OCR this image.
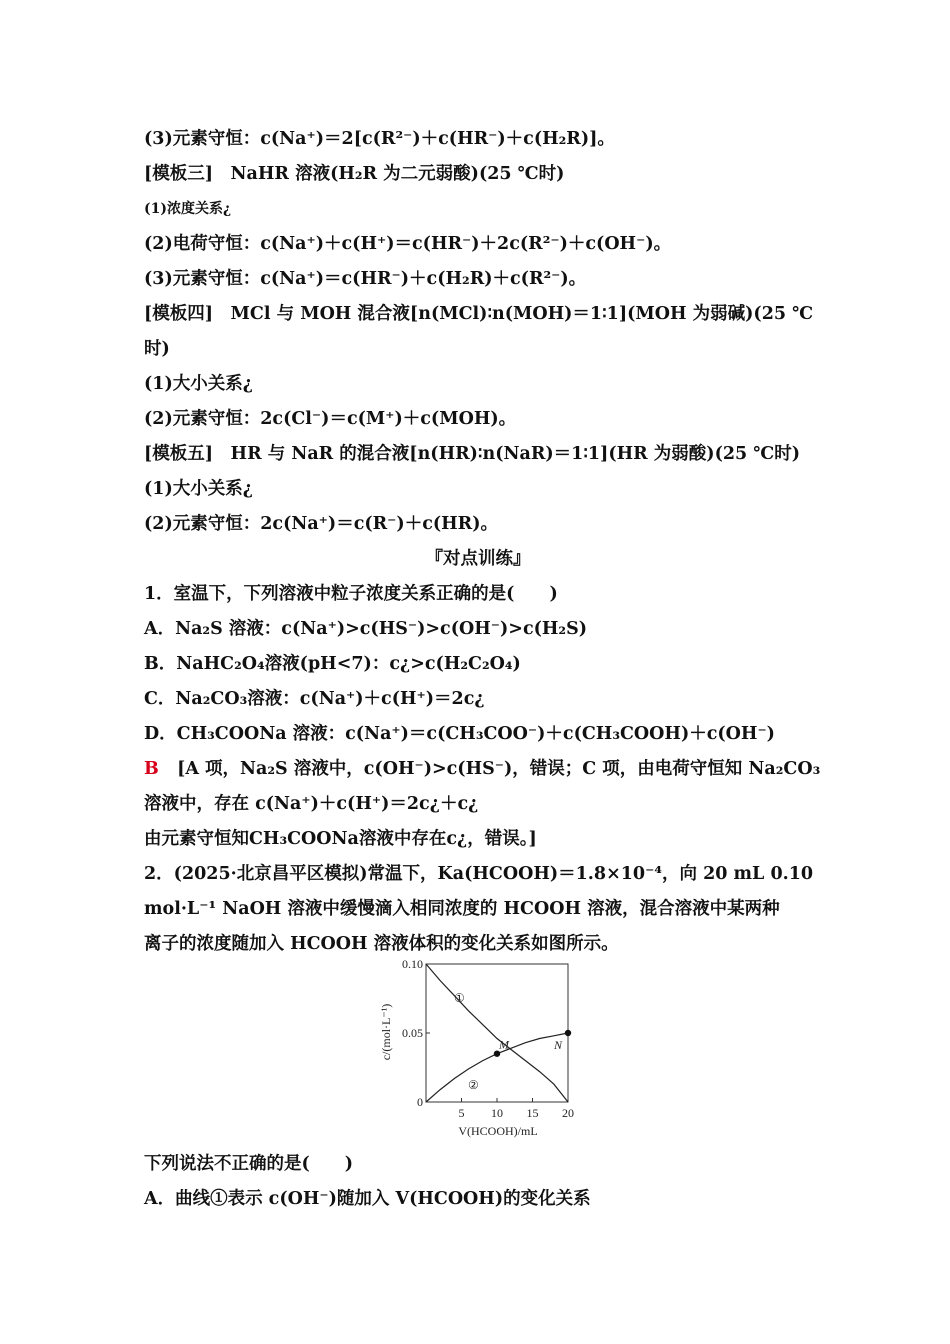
(3)元素守恒：c(Na⁺)＝2[c(R²⁻)＋c(HR⁻)＋c(H₂R)]。
[模板三]　NaHR 溶液(H₂R 为二元弱酸)(25 ℃时)
(1)浓度关系¿
(2)电荷守恒：c(Na⁺)＋c(H⁺)＝c(HR⁻)＋2c(R²⁻)＋c(OH⁻)。
(3)元素守恒：c(Na⁺)＝c(HR⁻)＋c(H₂R)＋c(R²⁻)。
[模板四]　MCl 与 MOH 混合液[n(MCl)∶n(MOH)＝1∶1](MOH 为弱碱)(25 ℃
时)
(1)大小关系¿
(2)元素守恒：2c(Cl⁻)＝c(M⁺)＋c(MOH)。
[模板五]　HR 与 NaR 的混合液[n(HR)∶n(NaR)＝1∶1](HR 为弱酸)(25 ℃时)
(1)大小关系¿
(2)元素守恒：2c(Na⁺)＝c(R⁻)＋c(HR)。
『对点训练』
1．室温下，下列溶液中粒子浓度关系正确的是(　　)
A．Na₂S 溶液：c(Na⁺)>c(HS⁻)>c(OH⁻)>c(H₂S)
B．NaHC₂O₄溶液(pH<7)：c¿>c(H₂C₂O₄)
C．Na₂CO₃溶液：c(Na⁺)＋c(H⁺)＝2c¿
D．CH₃COONa 溶液：c(Na⁺)＝c(CH₃COO⁻)＋c(CH₃COOH)＋c(OH⁻)
B [A 项，Na₂S 溶液中，c(OH⁻)>c(HS⁻)，错误；C 项，由电荷守恒知 Na₂CO₃
溶液中，存在 c(Na⁺)＋c(H⁺)＝2c¿＋c¿
由元素守恒知CH₃COONa溶液中存在c¿，错误。]
2．(2025·北京昌平区模拟)常温下，Ka(HCOOH)＝1.8×10⁻⁴，向 20 mL 0.10
mol·L⁻¹ NaOH 溶液中缓慢滴入相同浓度的 HCOOH 溶液，混合溶液中某两种
离子的浓度随加入 HCOOH 溶液体积的变化关系如图所示。
c/(mol·L⁻¹)
V(HCOOH)/mL
①
②
5 10 15 20
0
0.05
0.10
M	N
下列说法不正确的是(　　)
A．曲线①表示 c(OH⁻)随加入 V(HCOOH)的变化关系
